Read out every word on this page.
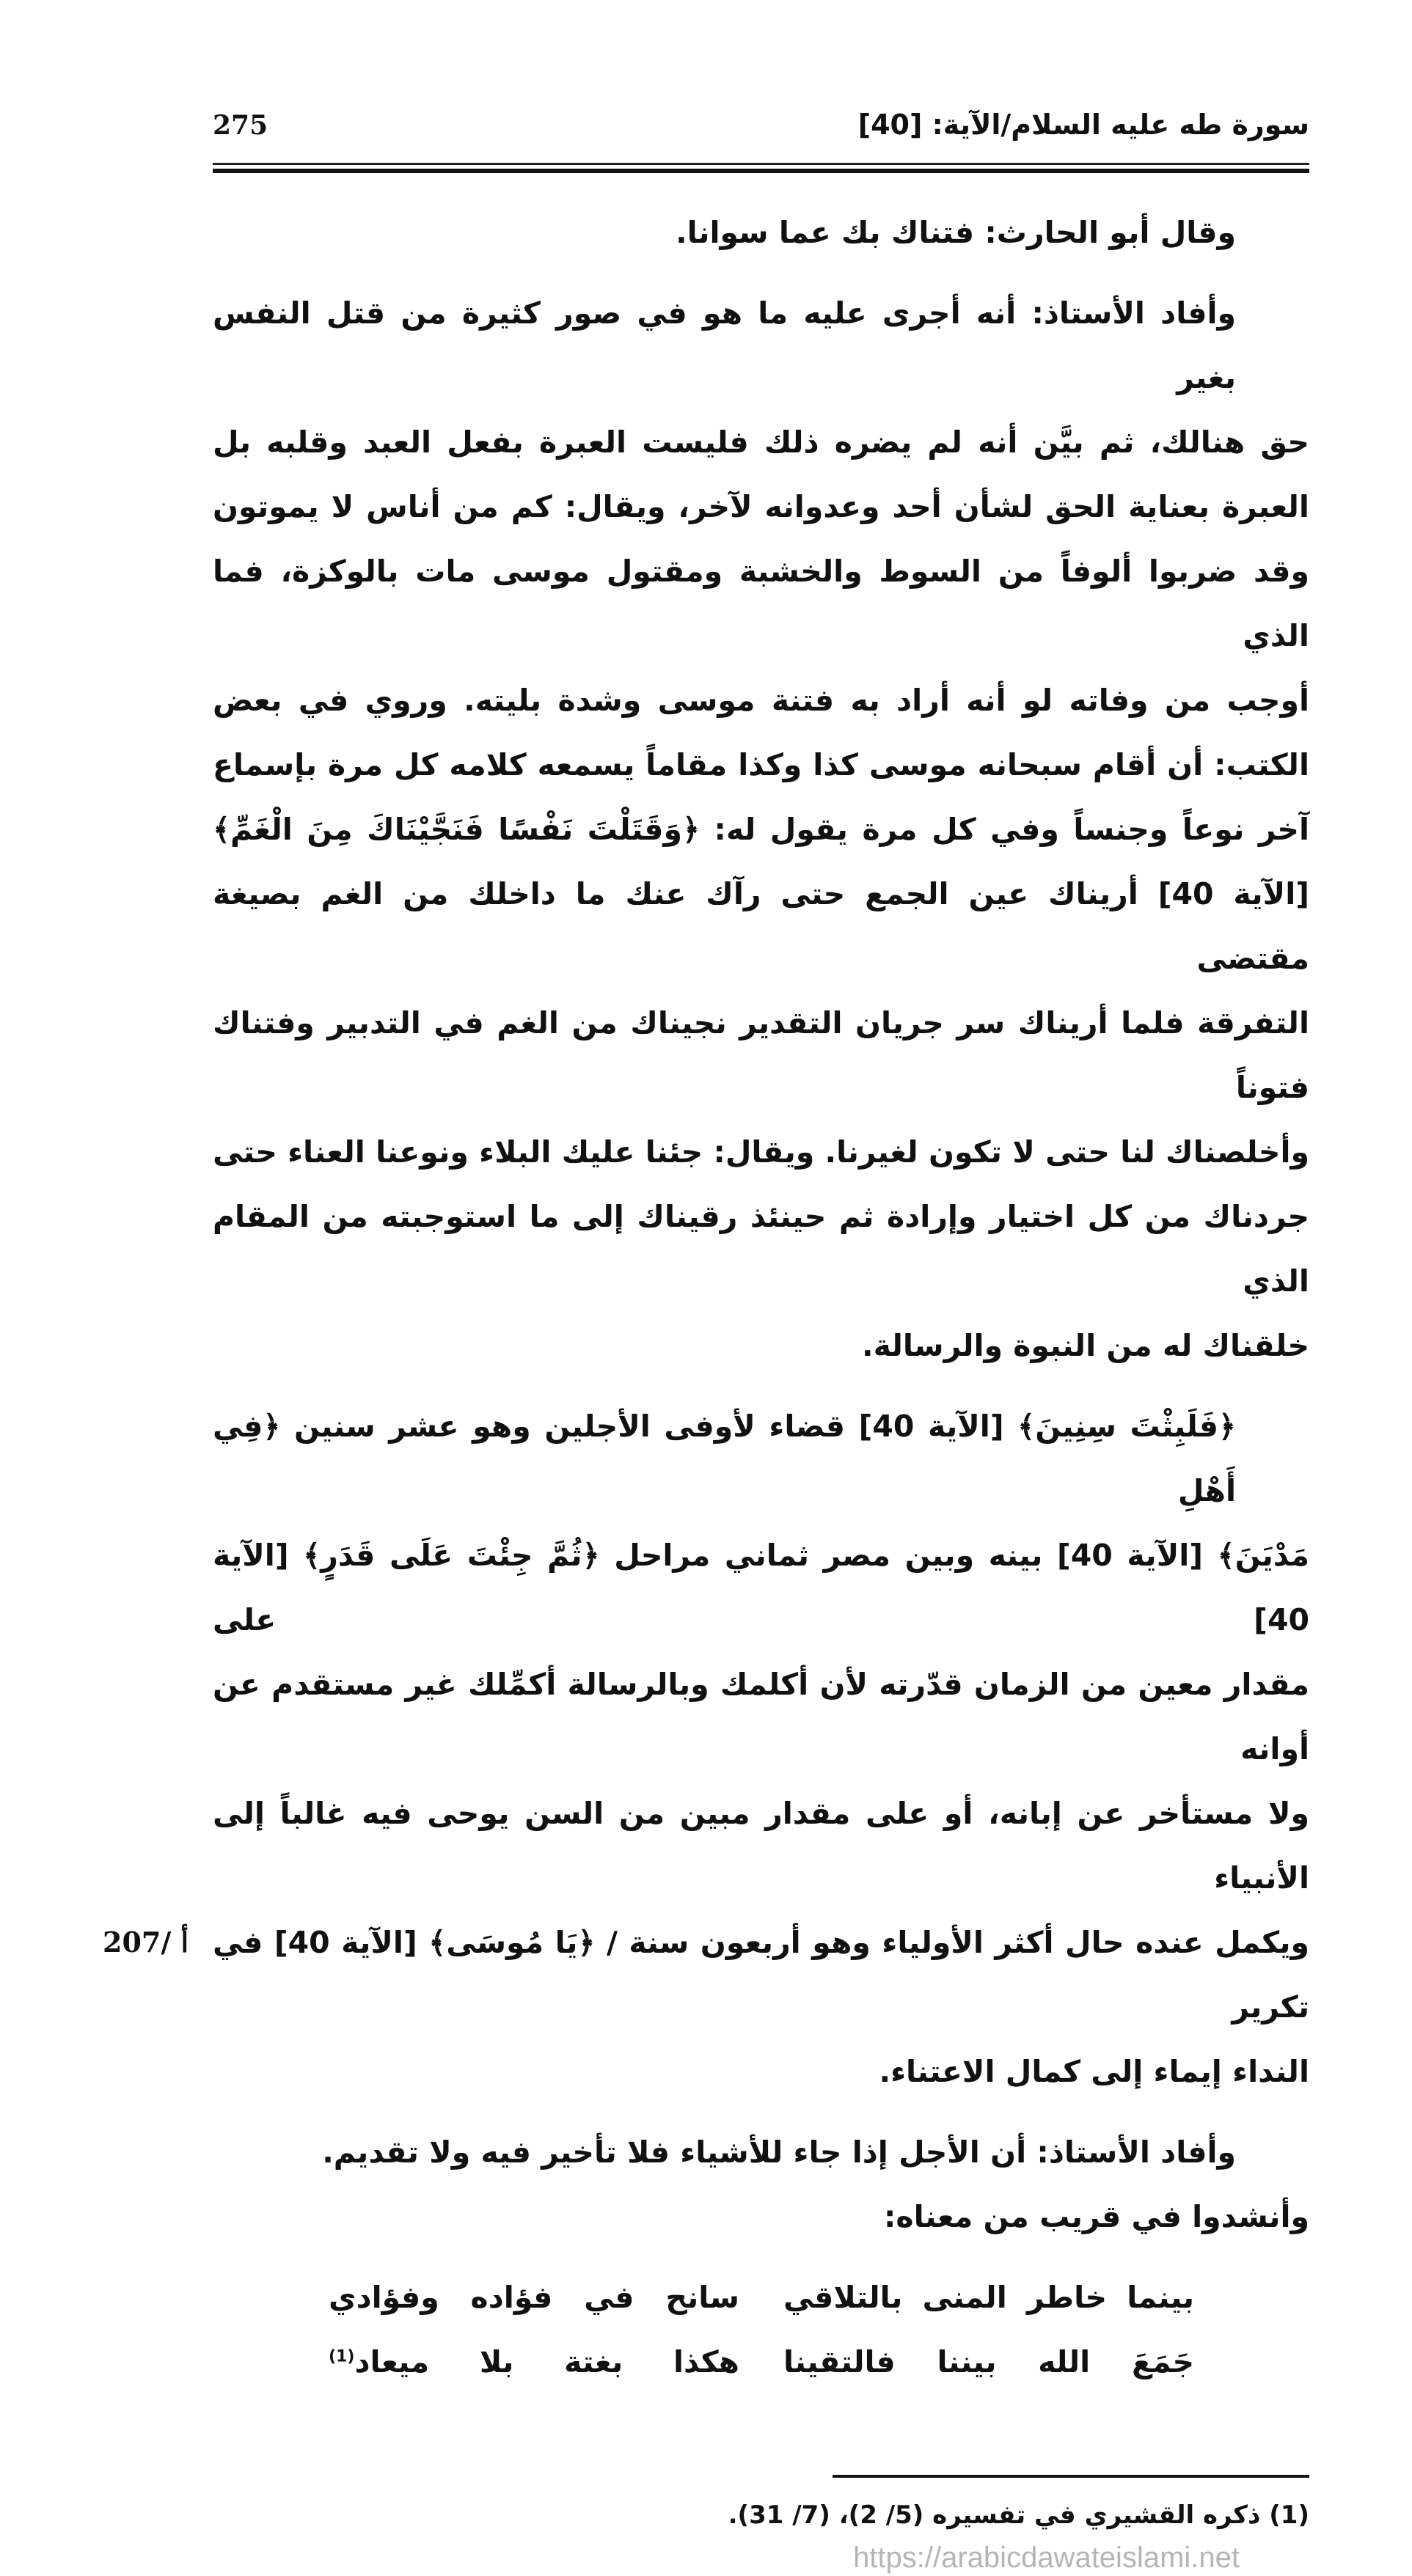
سورة طه عليه السلام/الآية: [40]
275
وقال أبو الحارث: فتناك بك عما سوانا.
وأفاد الأستاذ: أنه أجرى عليه ما هو في صور كثيرة من قتل النفس بغير
حق هنالك، ثم بيَّن أنه لم يضره ذلك فليست العبرة بفعل العبد وقلبه بل
العبرة بعناية الحق لشأن أحد وعدوانه لآخر، ويقال: كم من أناس لا يموتون
وقد ضربوا ألوفاً من السوط والخشبة ومقتول موسى مات بالوكزة، فما الذي
أوجب من وفاته لو أنه أراد به فتنة موسى وشدة بليته. وروي في بعض
الكتب: أن أقام سبحانه موسى كذا وكذا مقاماً يسمعه كلامه كل مرة بإسماع
آخر نوعاً وجنساً وفي كل مرة يقول له: ﴿وَقَتَلْتَ نَفْسًا فَنَجَّيْنَاكَ مِنَ الْغَمِّ﴾
[الآية 40] أريناك عين الجمع حتى رآك عنك ما داخلك من الغم بصيغة مقتضى
التفرقة فلما أريناك سر جريان التقدير نجيناك من الغم في التدبير وفتناك فتوناً
وأخلصناك لنا حتى لا تكون لغيرنا. ويقال: جئنا عليك البلاء ونوعنا العناء حتى
جردناك من كل اختيار وإرادة ثم حينئذ رقيناك إلى ما استوجبته من المقام الذي
خلقناك له من النبوة والرسالة.
﴿فَلَبِثْتَ سِنِينَ﴾ [الآية 40] قضاء لأوفى الأجلين وهو عشر سنين ﴿فِي أَهْلِ
مَدْيَنَ﴾ [الآية 40] بينه وبين مصر ثماني مراحل ﴿ثُمَّ جِئْتَ عَلَى قَدَرٍ﴾ [الآية 40] على
مقدار معين من الزمان قدّرته لأن أكلمك وبالرسالة أكمِّلك غير مستقدم عن أوانه
ولا مستأخر عن إبانه، أو على مقدار مبين من السن يوحى فيه غالباً إلى الأنبياء
ويكمل عنده حال أكثر الأولياء وهو أربعون سنة / ﴿يَا مُوسَى﴾ [الآية 40] في تكرير
207/ أ
النداء إيماء إلى كمال الاعتناء.
وأفاد الأستاذ: أن الأجل إذا جاء للأشياء فلا تأخير فيه ولا تقديم.
وأنشدوا في قريب من معناه:
بينما خاطر المنى بالتلاقي
سانح في فؤاده وفؤادي
جَمَعَ الله بيننا فالتقينا
هكذا بغتة بلا ميعاد$^{(1)}$
(1) ذكره القشيري في تفسيره (5/ 2)، (7/ 31).
https://arabicdawateislami.net
